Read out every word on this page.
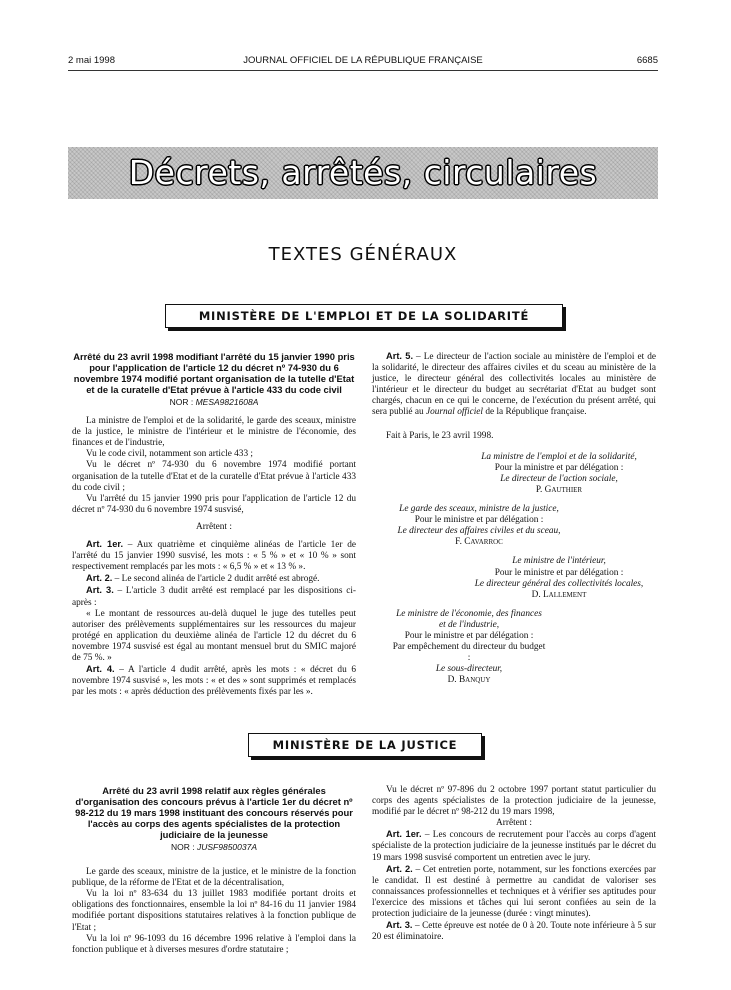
2 mai 1998	JOURNAL OFFICIEL DE LA RÉPUBLIQUE FRANÇAISE	6685
Décrets, arrêtés, circulaires
TEXTES GÉNÉRAUX
MINISTÈRE DE L'EMPLOI ET DE LA SOLIDARITÉ

Arrêté du 23 avril 1998 modifiant l'arrêté du 15 janvier 1990 pris pour l'application de l'article 12 du décret nº 74-930 du 6 novembre 1974 modifié portant organisation de la tutelle d'Etat et de la curatelle d'Etat prévue à l'article 433 du code civil

NOR : MESA9821608A

La ministre de l'emploi et de la solidarité, le garde des sceaux, ministre de la justice, le ministre de l'intérieur et le ministre de l'économie, des finances et de l'industrie,

Vu le code civil, notamment son article 433 ;

Vu le décret nº 74-930 du 6 novembre 1974 modifié portant organisation de la tutelle d'Etat et de la curatelle d'Etat prévue à l'article 433 du code civil ;

Vu l'arrêté du 15 janvier 1990 pris pour l'application de l'article 12 du décret nº 74-930 du 6 novembre 1974 susvisé,

Arrêtent :

Art. 1er. – Aux quatrième et cinquième alinéas de l'article 1er de l'arrêté du 15 janvier 1990 susvisé, les mots : « 5 % » et « 10 % » sont respectivement remplacés par les mots : « 6,5 % » et « 13 % ».

Art. 2. – Le second alinéa de l'article 2 dudit arrêté est abrogé.

Art. 3. – L'article 3 dudit arrêté est remplacé par les dispositions ci-après :

« Le montant de ressources au-delà duquel le juge des tutelles peut autoriser des prélèvements supplémentaires sur les ressources du majeur protégé en application du deuxième alinéa de l'article 12 du décret du 6 novembre 1974 susvisé est égal au montant mensuel brut du SMIC majoré de 75 %. »

Art. 4. – A l'article 4 dudit arrêté, après les mots : « décret du 6 novembre 1974 susvisé », les mots : « et des » sont supprimés et remplacés par les mots : « après déduction des prélèvements fixés par les ».

Art. 5. – Le directeur de l'action sociale au ministère de l'emploi et de la solidarité, le directeur des affaires civiles et du sceau au ministère de la justice, le directeur général des collectivités locales au ministère de l'intérieur et le directeur du budget au secrétariat d'Etat au budget sont chargés, chacun en ce qui le concerne, de l'exécution du présent arrêté, qui sera publié au Journal officiel de la République française.

Fait à Paris, le 23 avril 1998.

La ministre de l'emploi et de la solidarité,

Pour la ministre et par délégation :

Le directeur de l'action sociale,

P. Gauthier

Le garde des sceaux, ministre de la justice,

Pour le ministre et par délégation :

Le directeur des affaires civiles et du sceau,

F. Cavarroc

Le ministre de l'intérieur,

Pour le ministre et par délégation :

Le directeur général des collectivités locales,

D. Lallement

Le ministre de l'économie, des finances et de l'industrie,

Pour le ministre et par délégation :

Par empêchement du directeur du budget :

Le sous-directeur,

D. Banquy

MINISTÈRE DE LA JUSTICE

Arrêté du 23 avril 1998 relatif aux règles générales d'organisation des concours prévus à l'article 1er du décret nº 98-212 du 19 mars 1998 instituant des concours réservés pour l'accès au corps des agents spécialistes de la protection judiciaire de la jeunesse

NOR : JUSF9850037A

Le garde des sceaux, ministre de la justice, et le ministre de la fonction publique, de la réforme de l'Etat et de la décentralisation,

Vu la loi nº 83-634 du 13 juillet 1983 modifiée portant droits et obligations des fonctionnaires, ensemble la loi nº 84-16 du 11 janvier 1984 modifiée portant dispositions statutaires relatives à la fonction publique de l'Etat ;

Vu la loi nº 96-1093 du 16 décembre 1996 relative à l'emploi dans la fonction publique et à diverses mesures d'ordre statutaire ;

Vu le décret nº 97-896 du 2 octobre 1997 portant statut particulier du corps des agents spécialistes de la protection judiciaire de la jeunesse, modifié par le décret nº 98-212 du 19 mars 1998,

Arrêtent :

Art. 1er. – Les concours de recrutement pour l'accès au corps d'agent spécialiste de la protection judiciaire de la jeunesse institués par le décret du 19 mars 1998 susvisé comportent un entretien avec le jury.

Art. 2. – Cet entretien porte, notamment, sur les fonctions exercées par le candidat. Il est destiné à permettre au candidat de valoriser ses connaissances professionnelles et techniques et à vérifier ses aptitudes pour l'exercice des missions et tâches qui lui seront confiées au sein de la protection judiciaire de la jeunesse (durée : vingt minutes).

Art. 3. – Cette épreuve est notée de 0 à 20. Toute note inférieure à 5 sur 20 est éliminatoire.
